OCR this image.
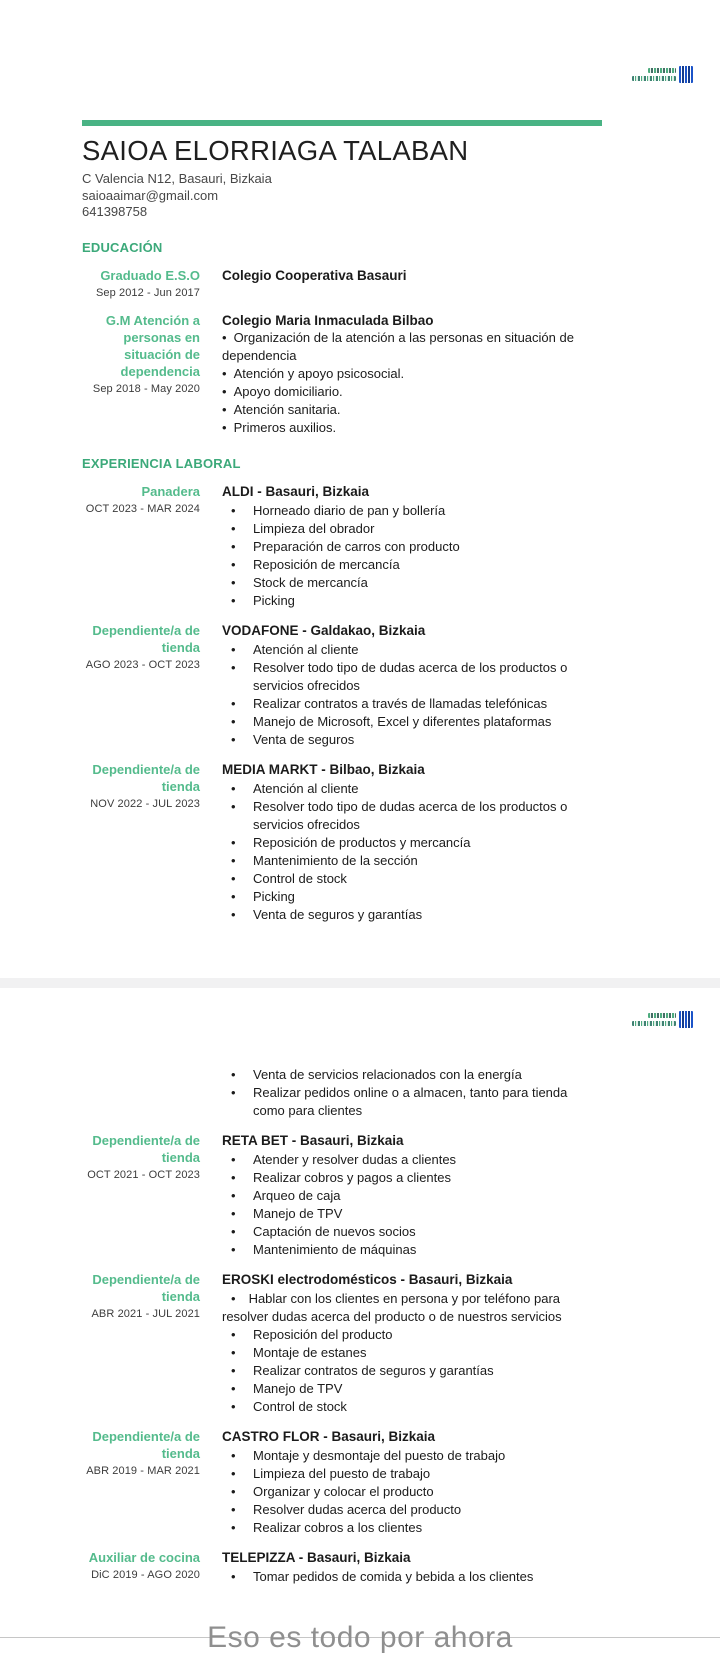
SAIOA ELORRIAGA TALABAN
C Valencia N12, Basauri, Bizkaia
saioaaimar@gmail.com
641398758
EDUCACIÓN
Graduado E.S.O
Sep 2012 - Jun 2017
Colegio Cooperativa Basauri
G.M Atención a personas en situación de dependencia
Sep 2018 - May 2020
Colegio Maria Inmaculada Bilbao
• Organización de la atención a las personas en situación de dependencia
• Atención y apoyo psicosocial.
• Apoyo domiciliario.
• Atención sanitaria.
• Primeros auxilios.
EXPERIENCIA LABORAL
Panadera
OCT 2023 - MAR 2024
ALDI - Basauri, Bizkaia
• Horneado diario de pan y bollería
• Limpieza del obrador
• Preparación de carros con producto
• Reposición de mercancía
• Stock de mercancía
• Picking
Dependiente/a de tienda
AGO 2023 - OCT 2023
VODAFONE - Galdakao, Bizkaia
• Atención al cliente
• Resolver todo tipo de dudas acerca de los productos o servicios ofrecidos
• Realizar contratos a través de llamadas telefónicas
• Manejo de Microsoft, Excel y diferentes plataformas
• Venta de seguros
Dependiente/a de tienda
NOV 2022 - JUL 2023
MEDIA MARKT - Bilbao, Bizkaia
• Atención al cliente
• Resolver todo tipo de dudas acerca de los productos o servicios ofrecidos
• Reposición de productos y mercancía
• Mantenimiento de la sección
• Control de stock
• Picking
• Venta de seguros y garantías
• Venta de servicios relacionados con la energía
• Realizar pedidos online o a almacen, tanto para tienda como para clientes
Dependiente/a de tienda
OCT 2021 - OCT 2023
RETA BET - Basauri, Bizkaia
• Atender y resolver dudas a clientes
• Realizar cobros y pagos a clientes
• Arqueo de caja
• Manejo de TPV
• Captación de nuevos socios
• Mantenimiento de máquinas
Dependiente/a de tienda
ABR 2021 - JUL 2021
EROSKI electrodomésticos - Basauri, Bizkaia
• Hablar con los clientes en persona y por teléfono para resolver dudas acerca del producto o de nuestros servicios
• Reposición del producto
• Montaje de estanes
• Realizar contratos de seguros y garantías
• Manejo de TPV
• Control de stock
Dependiente/a de tienda
ABR 2019 - MAR 2021
CASTRO FLOR - Basauri, Bizkaia
• Montaje y desmontaje del puesto de trabajo
• Limpieza del puesto de trabajo
• Organizar y colocar el producto
• Resolver dudas acerca del producto
• Realizar cobros a los clientes
Auxiliar de cocina
DiC 2019 - AGO 2020
TELEPIZZA - Basauri, Bizkaia
• Tomar pedidos de comida y bebida a los clientes
Eso es todo por ahora
